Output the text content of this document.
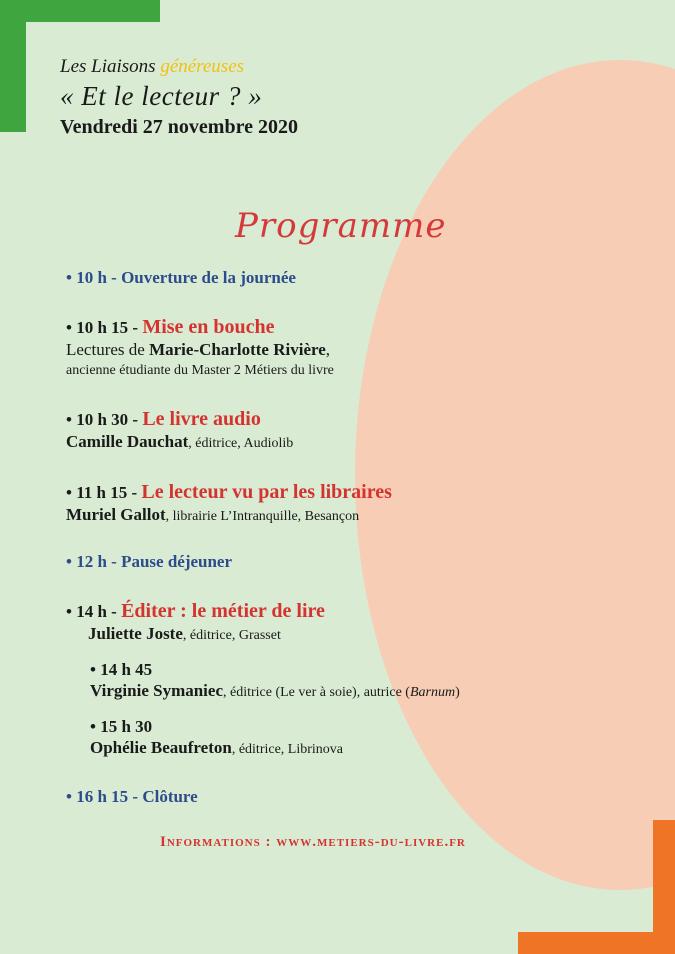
Les Liaisons généreuses
« Et le lecteur ? »
Vendredi 27 novembre 2020
Programme
• 10 h - Ouverture de la journée
• 10 h 15 - Mise en bouche
Lectures de Marie-Charlotte Rivière,
ancienne étudiante du Master 2 Métiers du livre
• 10 h 30 - Le livre audio
Camille Dauchat, éditrice, Audiolib
• 11 h 15 - Le lecteur vu par les libraires
Muriel Gallot, librairie L’Intranquille, Besançon
• 12 h - Pause déjeuner
• 14 h - Éditer : le métier de lire
Juliette Joste, éditrice, Grasset
• 14 h 45
Virginie Symaniec, éditrice (Le ver à soie), autrice (Barnum)
• 15 h 30
Ophélie Beaufreton, éditrice, Librinova
• 16 h 15 - Clôture
Informations : www.metiers-du-livre.fr
